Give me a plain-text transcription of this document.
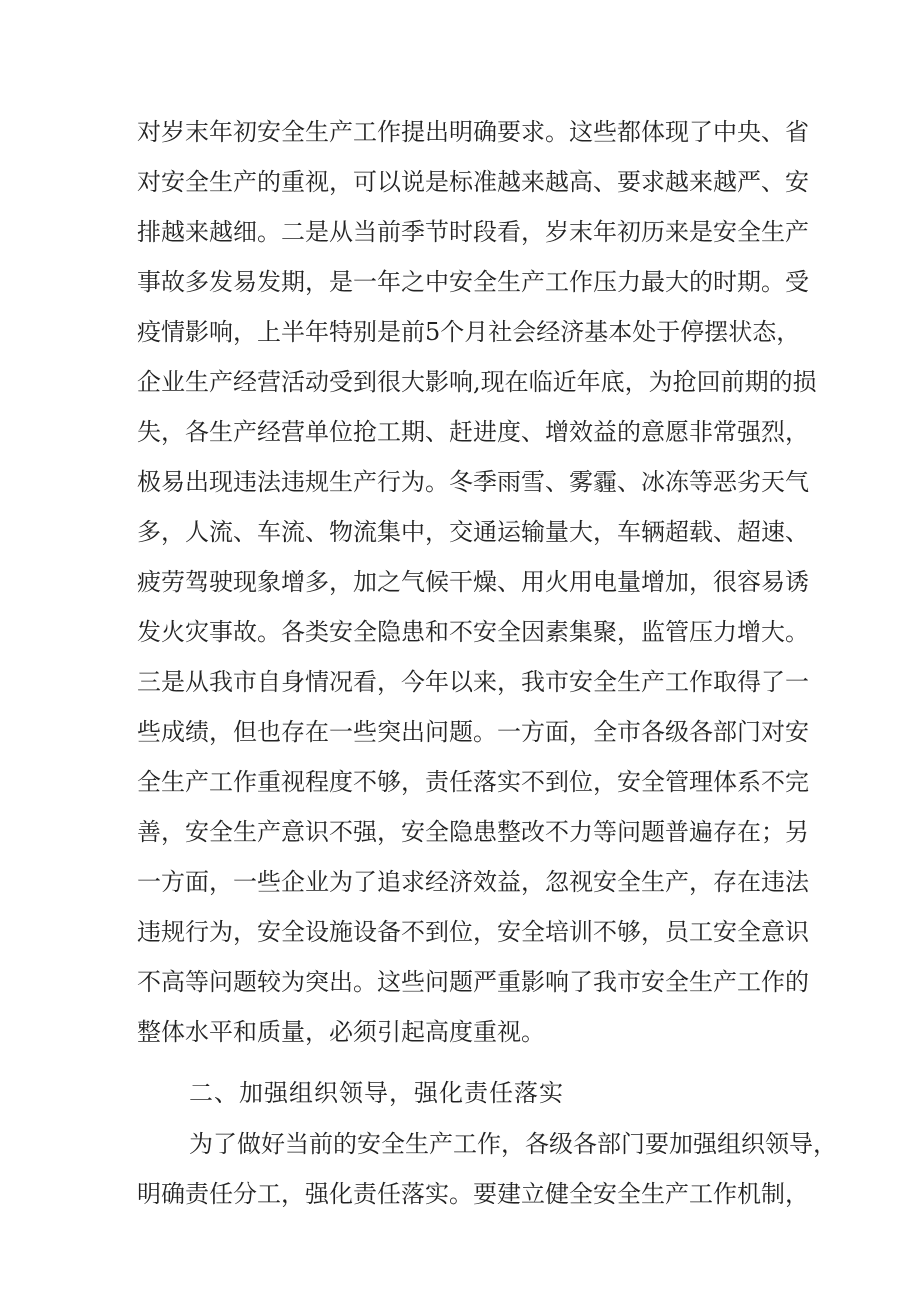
对岁末年初安全生产工作提出明确要求。这些都体现了中央、省
对安全生产的重视，可以说是标准越来越高、要求越来越严、安
排越来越细。二是从当前季节时段看，岁末年初历来是安全生产
事故多发易发期，是一年之中安全生产工作压力最大的时期。受
疫情影响，上半年特别是前5个月社会经济基本处于停摆状态，
企业生产经营活动受到很大影响,现在临近年底，为抢回前期的损
失，各生产经营单位抢工期、赶进度、增效益的意愿非常强烈，
极易出现违法违规生产行为。冬季雨雪、雾霾、冰冻等恶劣天气
多，人流、车流、物流集中，交通运输量大，车辆超载、超速、
疲劳驾驶现象增多，加之气候干燥、用火用电量增加，很容易诱
发火灾事故。各类安全隐患和不安全因素集聚，监管压力增大。
三是从我市自身情况看，今年以来，我市安全生产工作取得了一
些成绩，但也存在一些突出问题。一方面，全市各级各部门对安
全生产工作重视程度不够，责任落实不到位，安全管理体系不完
善，安全生产意识不强，安全隐患整改不力等问题普遍存在；另
一方面，一些企业为了追求经济效益，忽视安全生产，存在违法
违规行为，安全设施设备不到位，安全培训不够，员工安全意识
不高等问题较为突出。这些问题严重影响了我市安全生产工作的
整体水平和质量，必须引起高度重视。
二、加强组织领导，强化责任落实
为了做好当前的安全生产工作，各级各部门要加强组织领导，
明确责任分工，强化责任落实。要建立健全安全生产工作机制，
